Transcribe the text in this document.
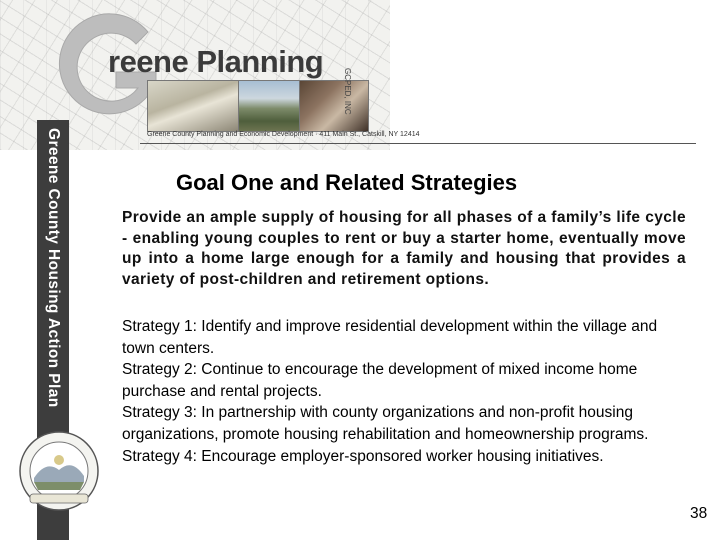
reene Planning
GCPED, INC
Greene County Planning and Economic Development · 411 Main St., Catskill, NY 12414
Greene County Housing Action Plan	Goal One and Related Strategies
Provide an ample supply of housing for all phases of a family’s life cycle - enabling young couples to rent or buy a starter home, eventually move up into a home large enough for a family and housing that provides a variety of post-children and retirement options.
Strategy 1: Identify and improve residential development within the village and town centers.
Strategy 2: Continue to encourage the development of mixed income home purchase and rental projects.
Strategy 3: In partnership with county organizations and non-profit housing organizations, promote housing rehabilitation and homeownership programs.
Strategy 4: Encourage employer-sponsored worker housing initiatives.
38
